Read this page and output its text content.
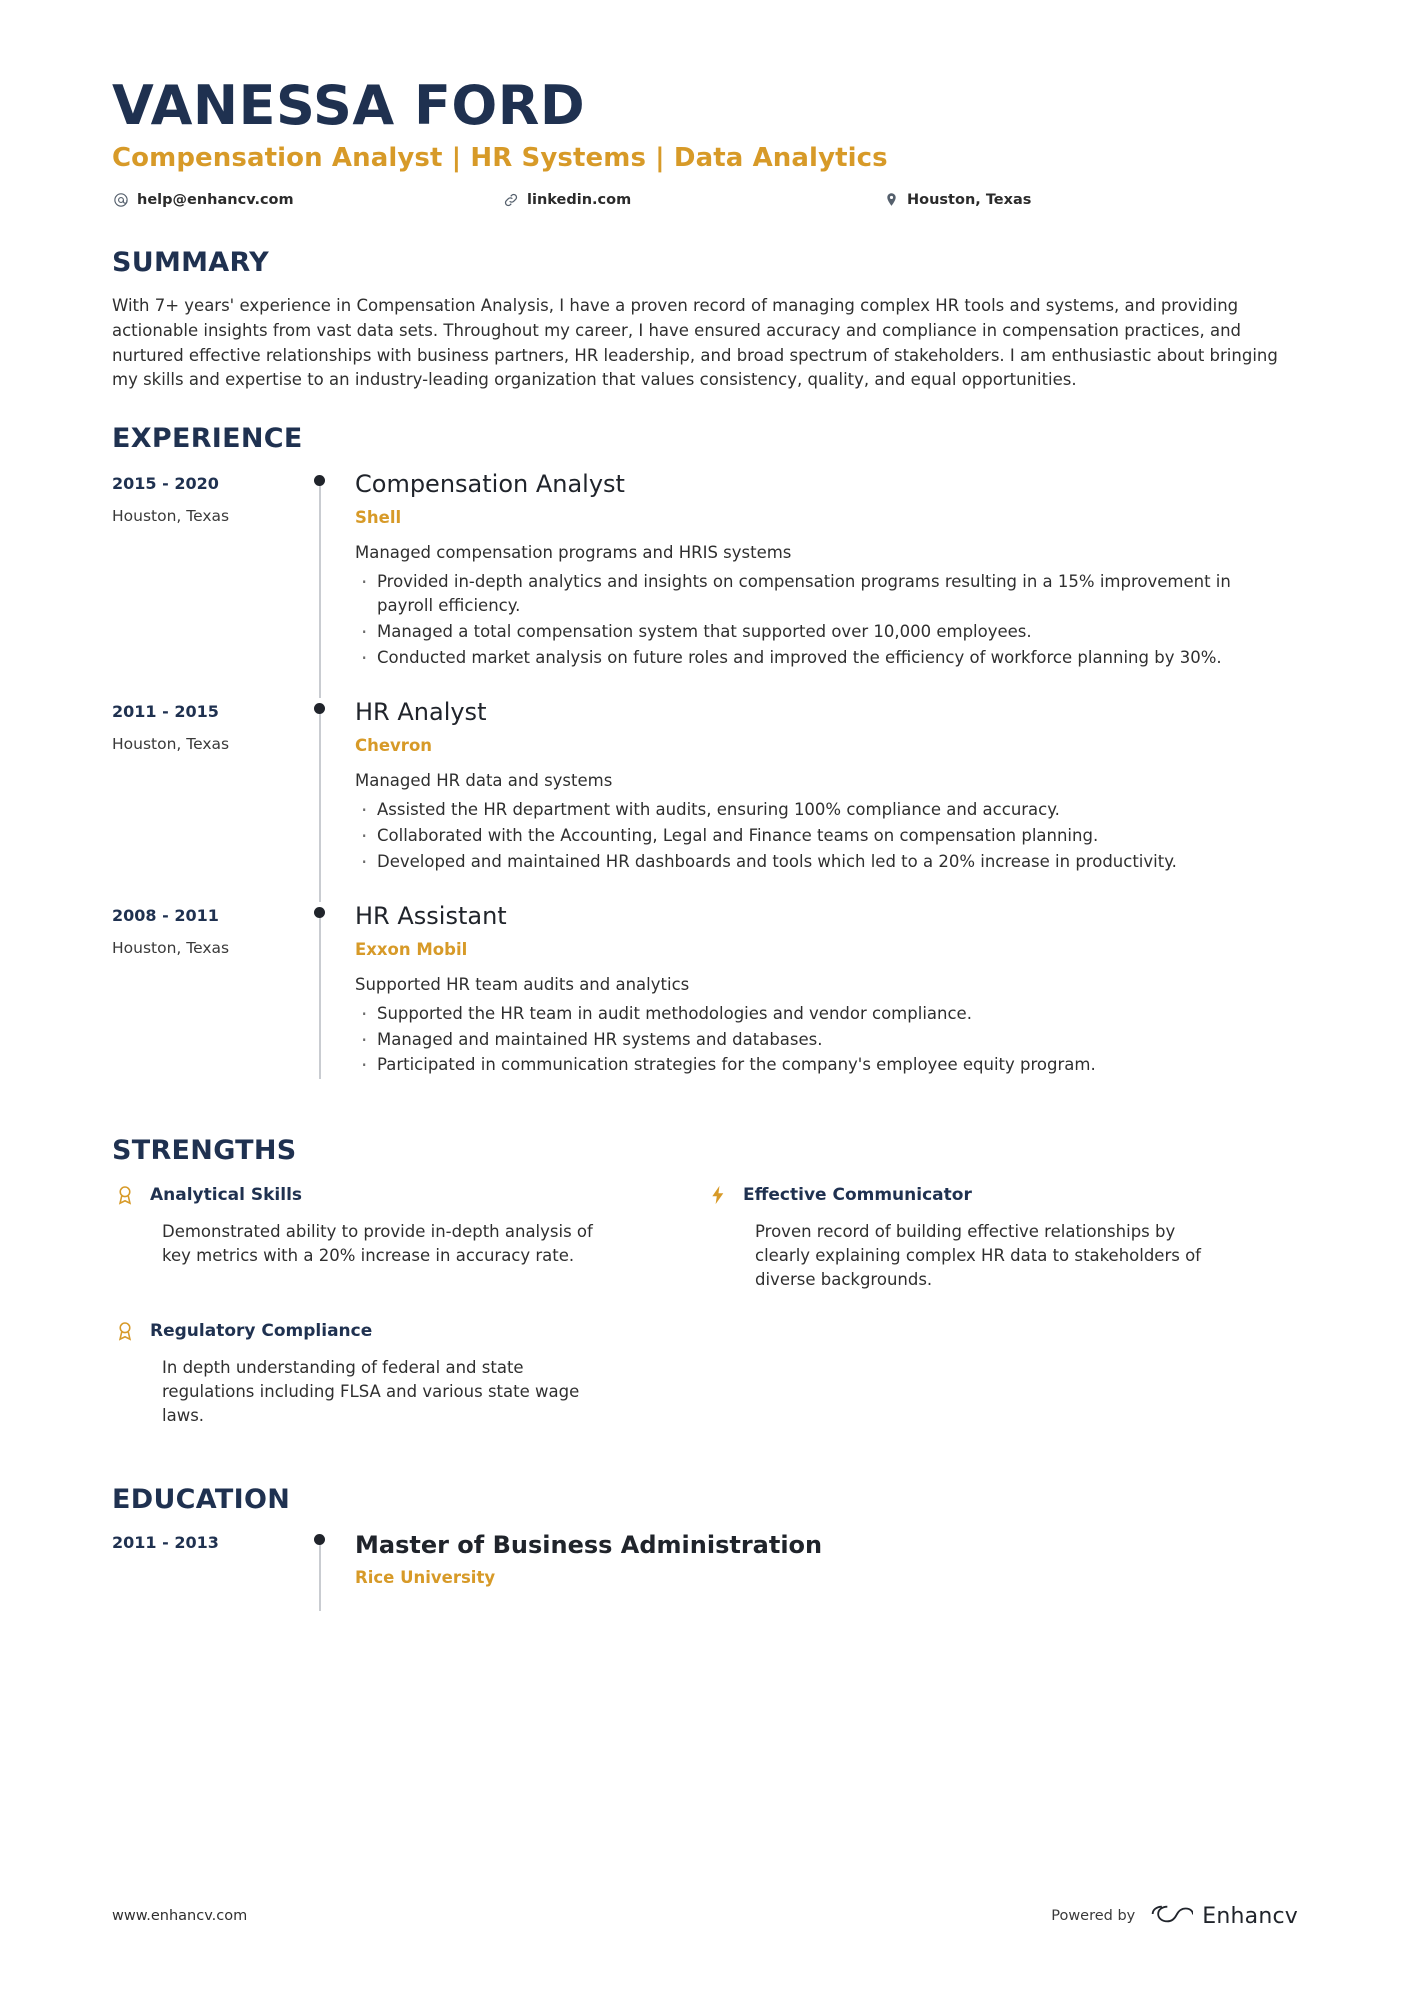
VANESSA FORD
Compensation Analyst | HR Systems | Data Analytics
help@enhancv.com	linkedin.com	Houston, Texas
SUMMARY

With 7+ years' experience in Compensation Analysis, I have a proven record of managing complex HR tools and systems, and providing actionable insights from vast data sets. Throughout my career, I have ensured accuracy and compliance in compensation practices, and nurtured effective relationships with business partners, HR leadership, and broad spectrum of stakeholders. I am enthusiastic about bringing my skills and expertise to an industry-leading organization that values consistency, quality, and equal opportunities.

EXPERIENCE
2015 - 2020
Houston, Texas
Compensation Analyst
Shell
Managed compensation programs and HRIS systems
· Provided in-depth analytics and insights on compensation programs resulting in a 15% improvement in payroll efficiency.
· Managed a total compensation system that supported over 10,000 employees.
· Conducted market analysis on future roles and improved the efficiency of workforce planning by 30%.
2011 - 2015
Houston, Texas
HR Analyst
Chevron
Managed HR data and systems
· Assisted the HR department with audits, ensuring 100% compliance and accuracy.
· Collaborated with the Accounting, Legal and Finance teams on compensation planning.
· Developed and maintained HR dashboards and tools which led to a 20% increase in productivity.
2008 - 2011
Houston, Texas
HR Assistant
Exxon Mobil
Supported HR team audits and analytics
· Supported the HR team in audit methodologies and vendor compliance.
· Managed and maintained HR systems and databases.
· Participated in communication strategies for the company's employee equity program.
STRENGTHS
Analytical Skills
Demonstrated ability to provide in-depth analysis of key metrics with a 20% increase in accuracy rate.
Effective Communicator
Proven record of building effective relationships by clearly explaining complex HR data to stakeholders of diverse backgrounds.
Regulatory Compliance
In depth understanding of federal and state regulations including FLSA and various state wage laws.
EDUCATION
2011 - 2013	Master of Business Administration
Rice University
www.enhancv.com	Powered by	Enhancv
